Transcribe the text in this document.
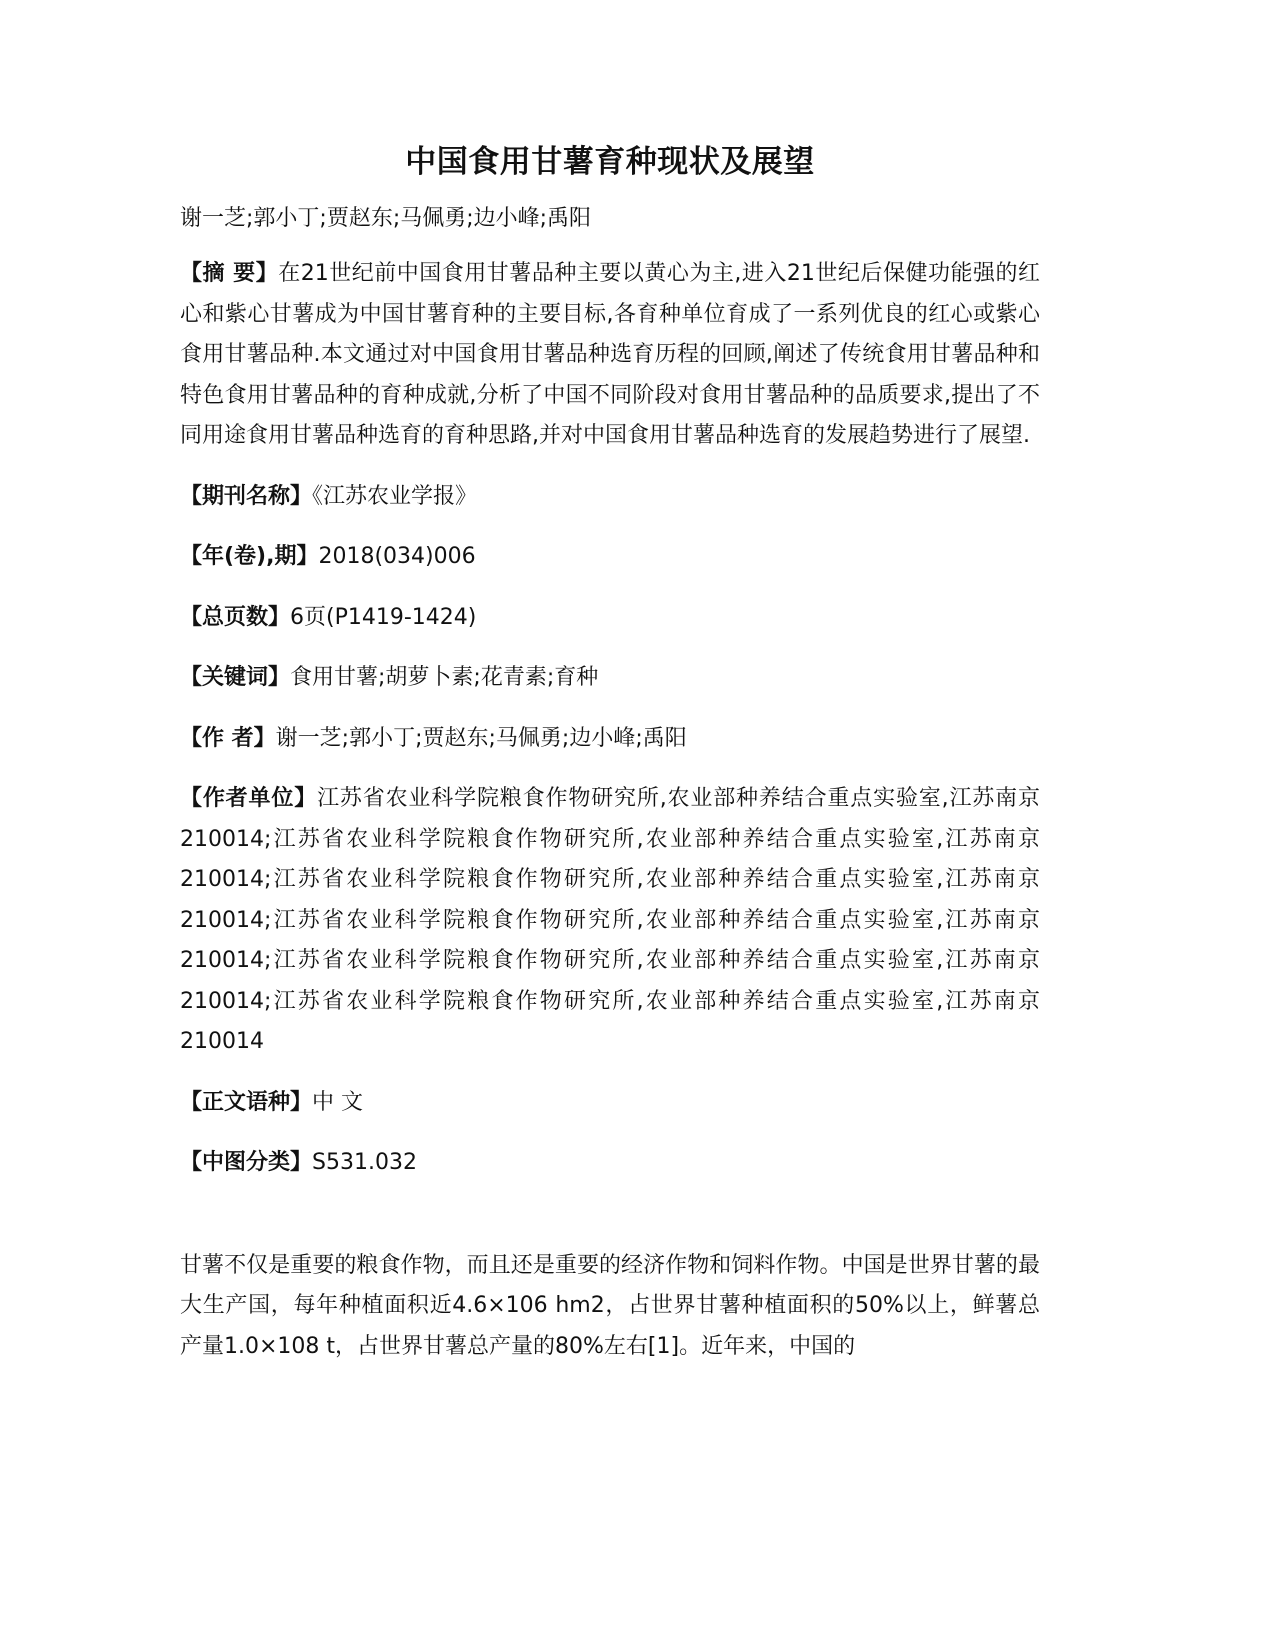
中国食用甘薯育种现状及展望
谢一芝;郭小丁;贾赵东;马佩勇;边小峰;禹阳

【摘 要】在21世纪前中国食用甘薯品种主要以黄心为主,进入21世纪后保健功能强的红心和紫心甘薯成为中国甘薯育种的主要目标,各育种单位育成了一系列优良的红心或紫心食用甘薯品种.本文通过对中国食用甘薯品种选育历程的回顾,阐述了传统食用甘薯品种和特色食用甘薯品种的育种成就,分析了中国不同阶段对食用甘薯品种的品质要求,提出了不同用途食用甘薯品种选育的育种思路,并对中国食用甘薯品种选育的发展趋势进行了展望.

【期刊名称】《江苏农业学报》

【年(卷),期】2018(034)006

【总页数】6页(P1419-1424)

【关键词】食用甘薯;胡萝卜素;花青素;育种

【作 者】谢一芝;郭小丁;贾赵东;马佩勇;边小峰;禹阳

【作者单位】江苏省农业科学院粮食作物研究所,农业部种养结合重点实验室,江苏南京210014;江苏省农业科学院粮食作物研究所,农业部种养结合重点实验室,江苏南京210014;江苏省农业科学院粮食作物研究所,农业部种养结合重点实验室,江苏南京210014;江苏省农业科学院粮食作物研究所,农业部种养结合重点实验室,江苏南京210014;江苏省农业科学院粮食作物研究所,农业部种养结合重点实验室,江苏南京210014;江苏省农业科学院粮食作物研究所,农业部种养结合重点实验室,江苏南京210014

【正文语种】中 文

【中图分类】S531.032

甘薯不仅是重要的粮食作物，而且还是重要的经济作物和饲料作物。中国是世界甘薯的最大生产国，每年种植面积近4.6×106 hm2，占世界甘薯种植面积的50%以上，鲜薯总产量1.0×108 t，占世界甘薯总产量的80%左右[1]。近年来，中国的
